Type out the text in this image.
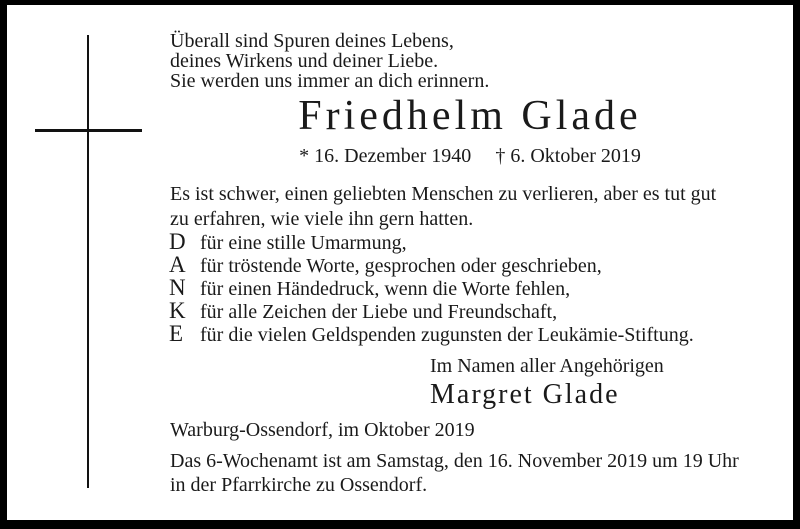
Überall sind Spuren deines Lebens,
deines Wirkens und deiner Liebe.
Sie werden uns immer an dich erinnern.
Friedhelm Glade
* 16. Dezember 1940 † 6. Oktober 2019
Es ist schwer, einen geliebten Menschen zu verlieren, aber es tut gut
zu erfahren, wie viele ihn gern hatten.
D für eine stille Umarmung,
A für tröstende Worte, gesprochen oder geschrieben,
N für einen Händedruck, wenn die Worte fehlen,
K für alle Zeichen der Liebe und Freundschaft,
E für die vielen Geldspenden zugunsten der Leukämie-Stiftung.
Im Namen aller Angehörigen
Margret Glade
Warburg-Ossendorf, im Oktober 2019
Das 6-Wochenamt ist am Samstag, den 16. November 2019 um 19 Uhr
in der Pfarrkirche zu Ossendorf.
